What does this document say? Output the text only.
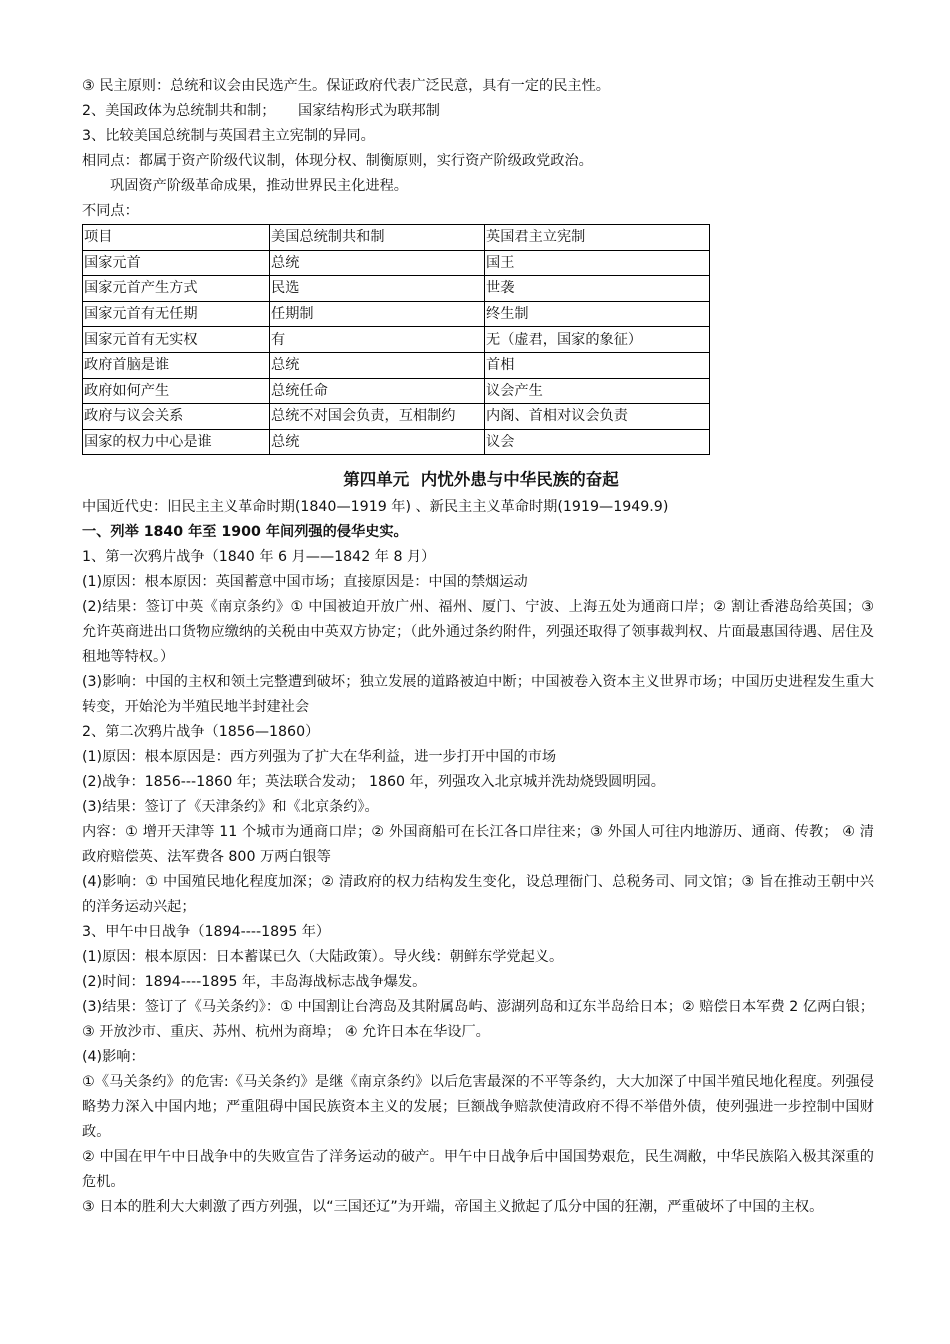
③ 民主原则：总统和议会由民选产生。保证政府代表广泛民意，具有一定的民主性。
2、美国政体为总统制共和制；     国家结构形式为联邦制
3、比较美国总统制与英国君主立宪制的异同。
相同点：都属于资产阶级代议制，体现分权、制衡原则，实行资产阶级政党政治。
巩固资产阶级革命成果，推动世界民主化进程。
不同点：
项目	美国总统制共和制	英国君主立宪制
国家元首	总统	国王
国家元首产生方式	民选	世袭
国家元首有无任期	任期制	终生制
国家元首有无实权	有	无（虚君，国家的象征）
政府首脑是谁	总统	首相
政府如何产生	总统任命	议会产生
政府与议会关系	总统不对国会负责，互相制约	内阁、首相对议会负责
国家的权力中心是谁	总统	议会
第四单元  内忧外患与中华民族的奋起
中国近代史：旧民主主义革命时期(1840—1919 年) 、新民主主义革命时期(1919—1949.9)
一、列举 1840 年至 1900 年间列强的侵华史实。
1、第一次鸦片战争（1840 年 6 月——1842 年 8 月）
(1)原因：根本原因：英国蓄意中国市场；直接原因是：中国的禁烟运动
(2)结果：签订中英《南京条约》① 中国被迫开放广州、福州、厦门、宁波、上海五处为通商口岸；② 割让香港岛给英国；③ 允许英商进出口货物应缴纳的关税由中英双方协定；（此外通过条约附件，列强还取得了领事裁判权、片面最惠国待遇、居住及租地等特权。）
(3)影响：中国的主权和领土完整遭到破坏；独立发展的道路被迫中断；中国被卷入资本主义世界市场；中国历史进程发生重大转变，开始沦为半殖民地半封建社会
2、第二次鸦片战争（1856—1860）
(1)原因：根本原因是：西方列强为了扩大在华利益，进一步打开中国的市场
(2)战争：1856---1860 年；英法联合发动； 1860 年，列强攻入北京城并洗劫烧毁圆明园。
(3)结果：签订了《天津条约》和《北京条约》。
内容：① 增开天津等 11 个城市为通商口岸；② 外国商船可在长江各口岸往来；③ 外国人可往内地游历、通商、传教； ④ 清政府赔偿英、法军费各 800 万两白银等
(4)影响：① 中国殖民地化程度加深；② 清政府的权力结构发生变化，设总理衙门、总税务司、同文馆；③ 旨在推动王朝中兴的洋务运动兴起；
3、甲午中日战争（1894----1895 年）
(1)原因：根本原因：日本蓄谋已久（大陆政策）。导火线：朝鲜东学党起义。
(2)时间：1894----1895 年，丰岛海战标志战争爆发。
(3)结果：签订了《马关条约》：① 中国割让台湾岛及其附属岛屿、澎湖列岛和辽东半岛给日本；② 赔偿日本军费 2 亿两白银； ③ 开放沙市、重庆、苏州、杭州为商埠； ④ 允许日本在华设厂。
(4)影响：
①《马关条约》的危害:《马关条约》是继《南京条约》以后危害最深的不平等条约，大大加深了中国半殖民地化程度。列强侵略势力深入中国内地；严重阻碍中国民族资本主义的发展；巨额战争赔款使清政府不得不举借外债，使列强进一步控制中国财政。
② 中国在甲午中日战争中的失败宣告了洋务运动的破产。甲午中日战争后中国国势艰危，民生凋敝，中华民族陷入极其深重的危机。
③ 日本的胜利大大刺激了西方列强，以“三国还辽”为开端，帝国主义掀起了瓜分中国的狂潮，严重破坏了中国的主权。
